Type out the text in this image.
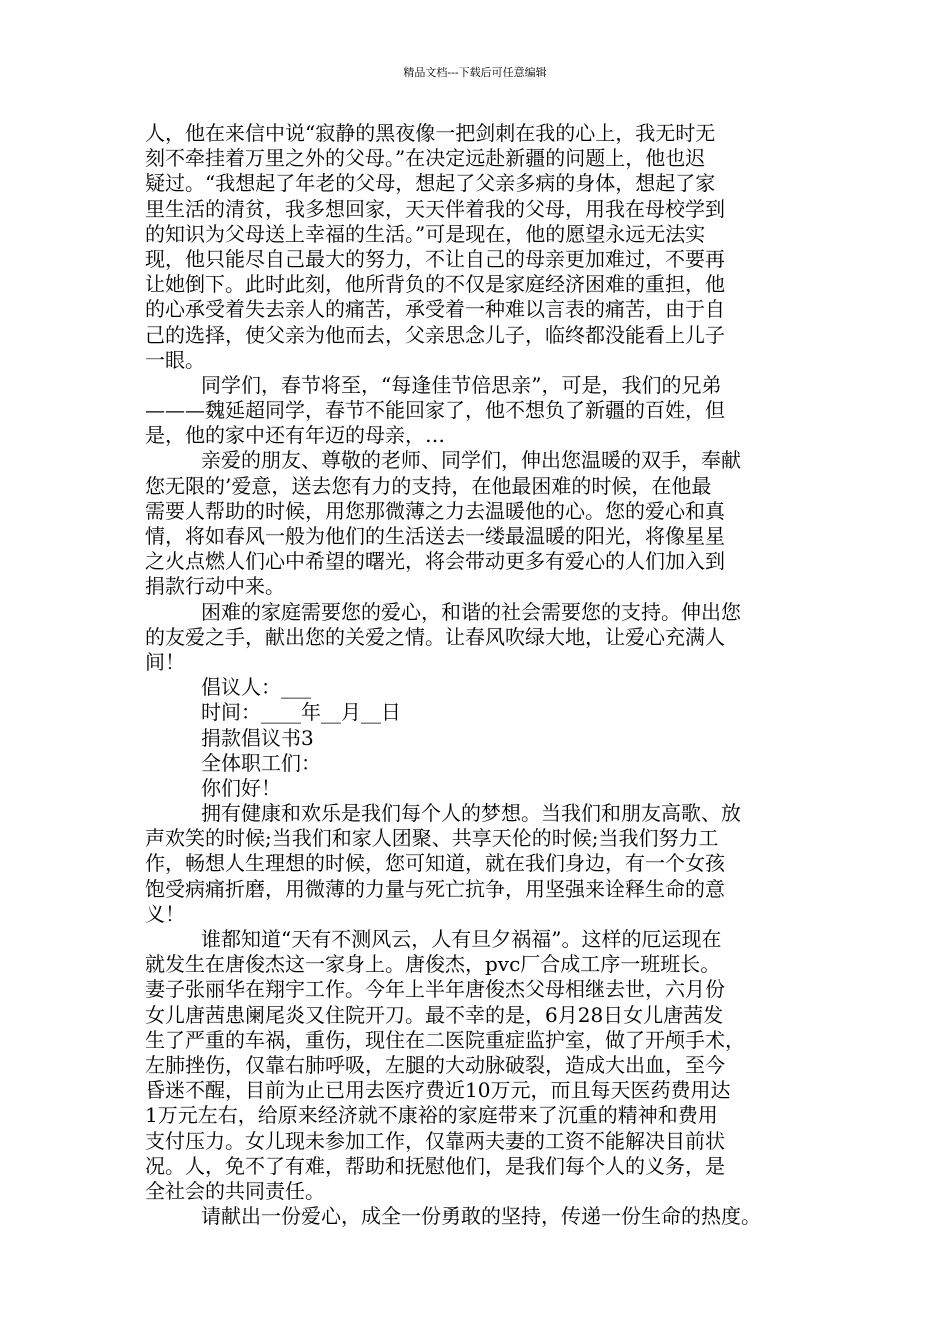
精品文档---下载后可任意编辑
人，他在来信中说“寂静的黑夜像一把剑刺在我的心上，我无时无
刻不牵挂着万里之外的父母。”在决定远赴新疆的问题上，他也迟
疑过。“我想起了年老的父母，想起了父亲多病的身体，想起了家
里生活的清贫，我多想回家，天天伴着我的父母，用我在母校学到
的知识为父母送上幸福的生活。”可是现在，他的愿望永远无法实
现，他只能尽自己最大的努力，不让自己的母亲更加难过，不要再
让她倒下。此时此刻，他所背负的不仅是家庭经济困难的重担，他
的心承受着失去亲人的痛苦，承受着一种难以言表的痛苦，由于自
己的选择，使父亲为他而去，父亲思念儿子，临终都没能看上儿子
一眼。
同学们，春节将至，“每逢佳节倍思亲”，可是，我们的兄弟
———魏延超同学，春节不能回家了，他不想负了新疆的百姓，但
是，他的家中还有年迈的母亲，…
亲爱的朋友、尊敬的老师、同学们，伸出您温暖的双手，奉献
您无限的’爱意，送去您有力的支持，在他最困难的时候，在他最
需要人帮助的时候，用您那微薄之力去温暖他的心。您的爱心和真
情，将如春风一般为他们的生活送去一缕最温暖的阳光，将像星星
之火点燃人们心中希望的曙光，将会带动更多有爱心的人们加入到
捐款行动中来。
困难的家庭需要您的爱心，和谐的社会需要您的支持。伸出您
的友爱之手，献出您的关爱之情。让春风吹绿大地，让爱心充满人
间！
倡议人：___
时间：____年__月__日
捐款倡议书3
全体职工们：
你们好！
拥有健康和欢乐是我们每个人的梦想。当我们和朋友高歌、放
声欢笑的时候;当我们和家人团聚、共享天伦的时候;当我们努力工
作，畅想人生理想的时候，您可知道，就在我们身边，有一个女孩
饱受病痛折磨，用微薄的力量与死亡抗争，用坚强来诠释生命的意
义！
谁都知道“天有不测风云，人有旦夕祸福”。这样的厄运现在
就发生在唐俊杰这一家身上。唐俊杰，pvc厂合成工序一班班长。
妻子张丽华在翔宇工作。今年上半年唐俊杰父母相继去世，六月份
女儿唐茜患阑尾炎又住院开刀。最不幸的是，6月28日女儿唐茜发
生了严重的车祸，重伤，现住在二医院重症监护室，做了开颅手术，
左肺挫伤，仅靠右肺呼吸，左腿的大动脉破裂，造成大出血，至今
昏迷不醒，目前为止已用去医疗费近10万元，而且每天医药费用达
1万元左右，给原来经济就不康裕的家庭带来了沉重的精神和费用
支付压力。女儿现未参加工作，仅靠两夫妻的工资不能解决目前状
况。人，免不了有难，帮助和抚慰他们，是我们每个人的义务，是
全社会的共同责任。
请献出一份爱心，成全一份勇敢的坚持，传递一份生命的热度。
